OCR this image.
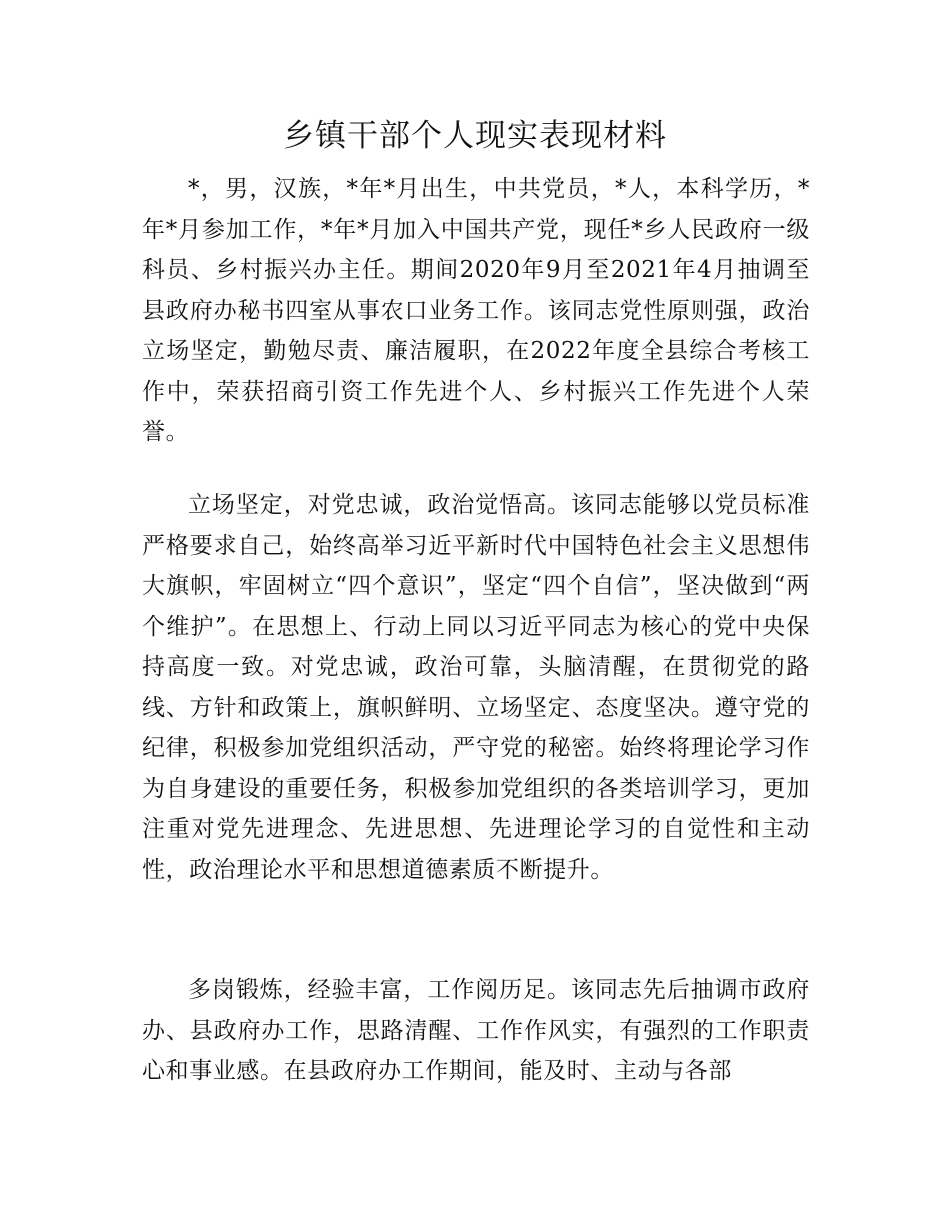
乡镇干部个人现实表现材料

*，男，汉族，*年*月出生，中共党员，*人，本科学历，*年*月参加工作，*年*月加入中国共产党，现任*乡人民政府一级科员、乡村振兴办主任。期间2020年9月至2021年4月抽调至县政府办秘书四室从事农口业务工作。该同志党性原则强，政治立场坚定，勤勉尽责、廉洁履职，在2022年度全县综合考核工作中，荣获招商引资工作先进个人、乡村振兴工作先进个人荣誉。

立场坚定，对党忠诚，政治觉悟高。该同志能够以党员标准严格要求自己，始终高举习近平新时代中国特色社会主义思想伟大旗帜，牢固树立“四个意识”，坚定“四个自信”，坚决做到“两个维护”。在思想上、行动上同以习近平同志为核心的党中央保持高度一致。对党忠诚，政治可靠，头脑清醒，在贯彻党的路线、方针和政策上，旗帜鲜明、立场坚定、态度坚决。遵守党的纪律，积极参加党组织活动，严守党的秘密。始终将理论学习作为自身建设的重要任务，积极参加党组织的各类培训学习，更加注重对党先进理念、先进思想、先进理论学习的自觉性和主动性，政治理论水平和思想道德素质不断提升。

多岗锻炼，经验丰富，工作阅历足。该同志先后抽调市政府办、县政府办工作，思路清醒、工作作风实，有强烈的工作职责心和事业感。在县政府办工作期间，能及时、主动与各部
